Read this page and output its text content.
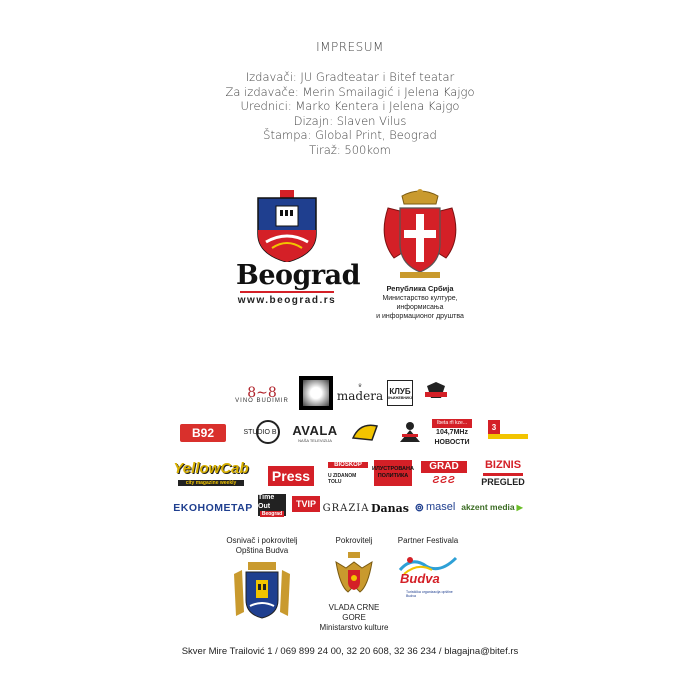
IMPRESUM
Izdavači: JU Gradteatar i Bitef teatar
Za izdavače: Merin Smailagić i Jelena Kajgo
Urednici: Marko Kentera i Jelena Kajgo
Dizajn: Slaven Vilus
Štampa: Global Print, Beograd
Tiraž: 500kom
Beograd
www.beograd.rs
Република Србија
Министарство културе, информисања
и информационог друштва
8∼8
VINO BUDIMIR
♛
madera КЛУБ
КЊИЖЕВНИКА
B92	STUDIO B AVALA
NAŠA TELEVIZIJA
Ibeta rfi kze...
104,7MHz
НОВОСТИ
3
YellowCab
city magazine weekly	Press
BIOSKOP
U ZIDANOM TOLU
ИЛУСТРОВАНА ПОЛИТИКА
GRAD
ƧƧƧ
BIZNIS
PREGLED
EKOHOMETAP
Time Out
Beograd
TVIP GRAZIA Danas ⊚ masel akzent media ▶
Osnivač i pokrovitelj
Opština Budva
Pokrovitelj
VLADA CRNE GORE
Ministarstvo kulture
Partner Festivala
Budva
Turistička organizacija opštine Budva
Skver Mire Trailović 1 / 069 899 24 00, 32 20 608, 32 36 234 / blagajna@bitef.rs
